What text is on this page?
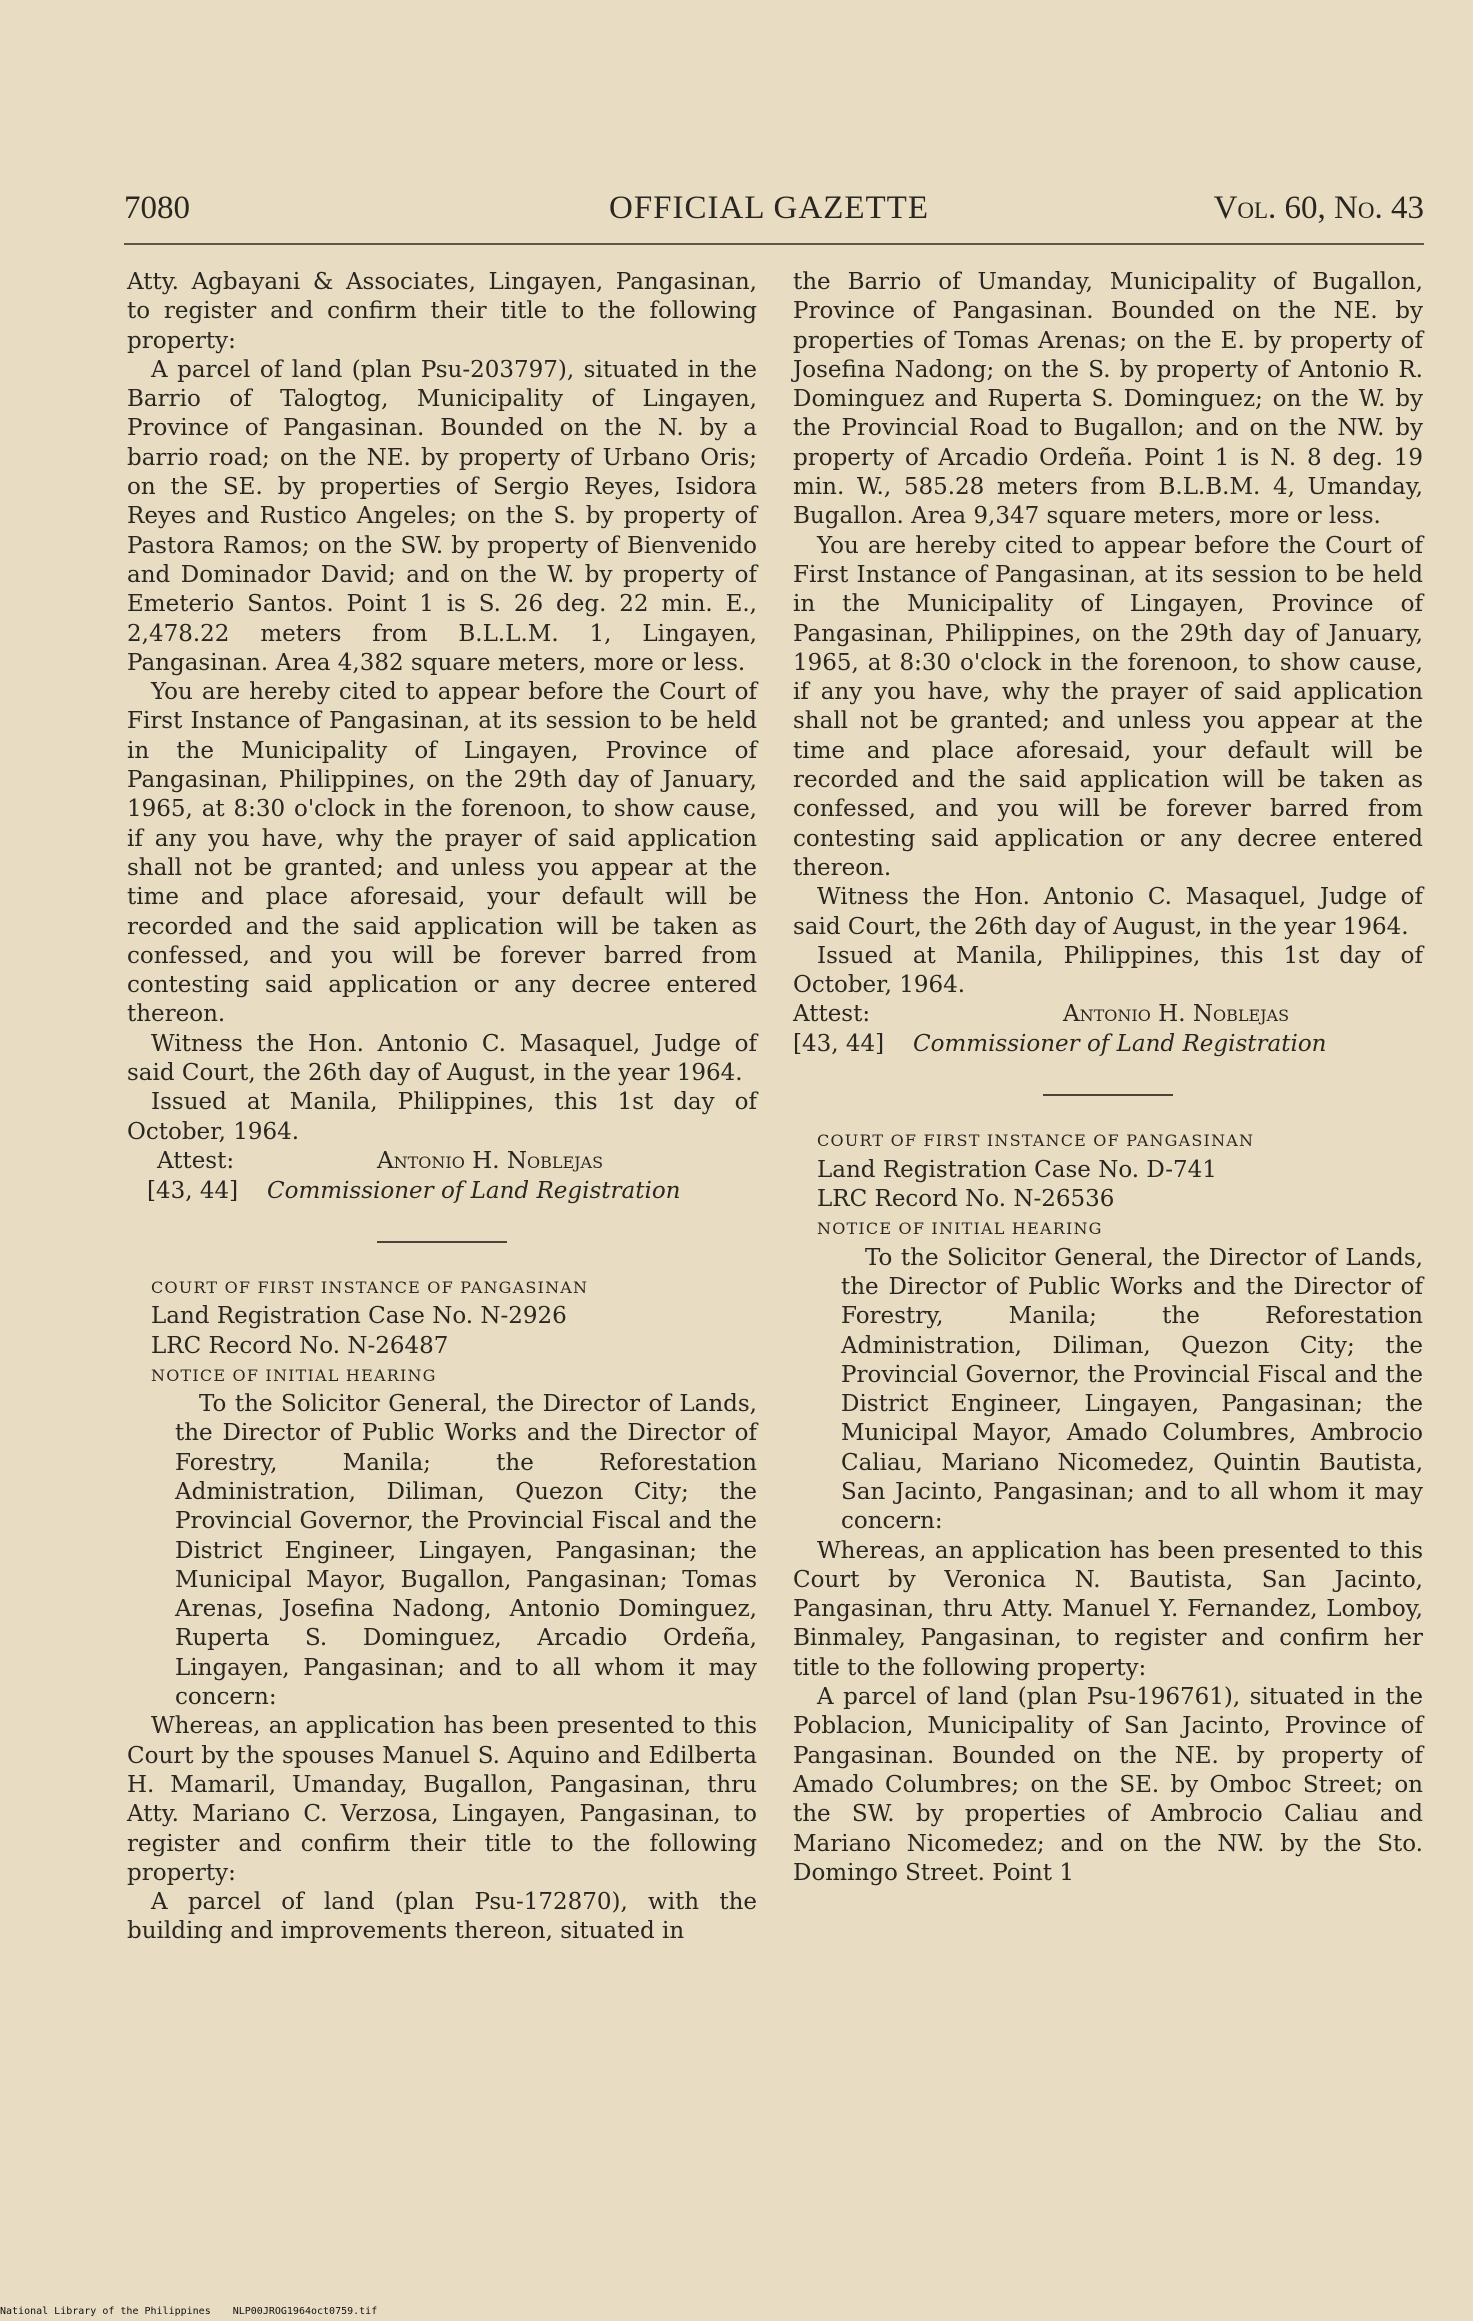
7080	OFFICIAL GAZETTE	Vol. 60, No. 43

Atty. Agbayani & Associates, Lingayen, Pangasinan, to register and confirm their title to the following property:

A parcel of land (plan Psu-203797), situated in the Barrio of Talogtog, Municipality of Lingayen, Province of Pangasinan. Bounded on the N. by a barrio road; on the NE. by property of Urbano Oris; on the SE. by properties of Sergio Reyes, Isidora Reyes and Rustico Angeles; on the S. by property of Pastora Ramos; on the SW. by property of Bienvenido and Dominador David; and on the W. by property of Emeterio Santos. Point 1 is S. 26 deg. 22 min. E., 2,478.22 meters from B.L.L.M. 1, Lingayen, Pangasinan. Area 4,382 square meters, more or less.

You are hereby cited to appear before the Court of First Instance of Pangasinan, at its session to be held in the Municipality of Lingayen, Province of Pangasinan, Philippines, on the 29th day of January, 1965, at 8:30 o'clock in the forenoon, to show cause, if any you have, why the prayer of said application shall not be granted; and unless you appear at the time and place aforesaid, your default will be recorded and the said application will be taken as confessed, and you will be forever barred from contesting said application or any decree entered thereon.

Witness the Hon. Antonio C. Masaquel, Judge of said Court, the 26th day of August, in the year 1964.

Issued at Manila, Philippines, this 1st day of October, 1964.

Attest:	Antonio H. Noblejas
[43, 44] Commissioner of Land Registration

COURT OF FIRST INSTANCE OF PANGASINAN

Land Registration Case No. N-2926

LRC Record No. N-26487

NOTICE OF INITIAL HEARING

To the Solicitor General, the Director of Lands, the Director of Public Works and the Director of Forestry, Manila; the Reforestation Administration, Diliman, Quezon City; the Provincial Governor, the Provincial Fiscal and the District Engineer, Lingayen, Pangasinan; the Municipal Mayor, Bugallon, Pangasinan; Tomas Arenas, Josefina Nadong, Antonio Dominguez, Ruperta S. Dominguez, Arcadio Ordeña, Lingayen, Pangasinan; and to all whom it may concern:

Whereas, an application has been presented to this Court by the spouses Manuel S. Aquino and Edilberta H. Mamaril, Umanday, Bugallon, Pangasinan, thru Atty. Mariano C. Verzosa, Lingayen, Pangasinan, to register and confirm their title to the following property:

A parcel of land (plan Psu-172870), with the building and improvements thereon, situated in

the Barrio of Umanday, Municipality of Bugallon, Province of Pangasinan. Bounded on the NE. by properties of Tomas Arenas; on the E. by property of Josefina Nadong; on the S. by property of Antonio R. Dominguez and Ruperta S. Dominguez; on the W. by the Provincial Road to Bugallon; and on the NW. by property of Arcadio Ordeña. Point 1 is N. 8 deg. 19 min. W., 585.28 meters from B.L.B.M. 4, Umanday, Bugallon. Area 9,347 square meters, more or less.

You are hereby cited to appear before the Court of First Instance of Pangasinan, at its session to be held in the Municipality of Lingayen, Province of Pangasinan, Philippines, on the 29th day of January, 1965, at 8:30 o'clock in the forenoon, to show cause, if any you have, why the prayer of said application shall not be granted; and unless you appear at the time and place aforesaid, your default will be recorded and the said application will be taken as confessed, and you will be forever barred from contesting said application or any decree entered thereon.

Witness the Hon. Antonio C. Masaquel, Judge of said Court, the 26th day of August, in the year 1964.

Issued at Manila, Philippines, this 1st day of October, 1964.

Attest:	Antonio H. Noblejas
[43, 44] Commissioner of Land Registration

COURT OF FIRST INSTANCE OF PANGASINAN

Land Registration Case No. D-741

LRC Record No. N-26536

NOTICE OF INITIAL HEARING

To the Solicitor General, the Director of Lands, the Director of Public Works and the Director of Forestry, Manila; the Reforestation Administration, Diliman, Quezon City; the Provincial Governor, the Provincial Fiscal and the District Engineer, Lingayen, Pangasinan; the Municipal Mayor, Amado Columbres, Ambrocio Caliau, Mariano Nicomedez, Quintin Bautista, San Jacinto, Pangasinan; and to all whom it may concern:

Whereas, an application has been presented to this Court by Veronica N. Bautista, San Jacinto, Pangasinan, thru Atty. Manuel Y. Fernandez, Lomboy, Binmaley, Pangasinan, to register and confirm her title to the following property:

A parcel of land (plan Psu-196761), situated in the Poblacion, Municipality of San Jacinto, Province of Pangasinan. Bounded on the NE. by property of Amado Columbres; on the SE. by Omboc Street; on the SW. by properties of Ambrocio Caliau and Mariano Nicomedez; and on the NW. by the Sto. Domingo Street. Point 1

National Library of the Philippines NLP00JROG1964oct0759.tif
